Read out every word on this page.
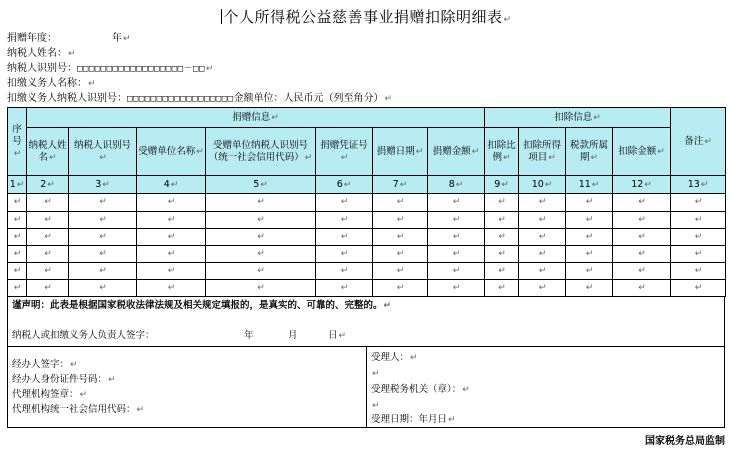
个人所得税公益慈善事业捐赠扣除明细表↵
捐赠年度：	年↵
纳税人姓名：↵
纳税人识别号：□□□□□□□□□□□□□□□□□□－□□↵
扣缴义务人名称：↵
扣缴义务人纳税人识别号：□□□□□□□□□□□□□□□□□□金额单位：人民币元（列至角分）↵
序号↵	捐赠信息↵							扣除信息↵				备注↵
	纳税人姓名↵	纳税人识别号↵	受赠单位名称↵	受赠单位纳税人识别号（统一社会信用代码）↵	捐赠凭证号↵	捐赠日期↵	捐赠金额↵	扣除比例↵	扣除所得项目↵	税款所属期↵	扣除金额↵	
1↵	2↵	3↵	4↵	5↵	6↵	7↵	8↵	9↵	10↵	11↵	12↵	13↵
↵	↵	↵	↵	↵	↵	↵	↵	↵	↵	↵	↵	↵
↵	↵	↵	↵	↵	↵	↵	↵	↵	↵	↵	↵	↵
↵	↵	↵	↵	↵	↵	↵	↵	↵	↵	↵	↵	↵
↵	↵	↵	↵	↵	↵	↵	↵	↵	↵	↵	↵	↵
↵	↵	↵	↵	↵	↵	↵	↵	↵	↵	↵	↵	↵
↵	↵	↵	↵	↵	↵	↵	↵	↵	↵	↵	↵	↵
谨声明：此表是根据国家税收法律法规及相关规定填报的，是真实的、可靠的、完整的。↵
纳税人或扣缴义务人负责人签字：	年	月	日↵
经办人签字：↵
经办人身份证件号码：↵
代理机构签章：↵
代理机构统一社会信用代码：↵
受理人：↵
↵
受理税务机关（章）：↵
↵
受理日期：年月日↵
国家税务总局监制
